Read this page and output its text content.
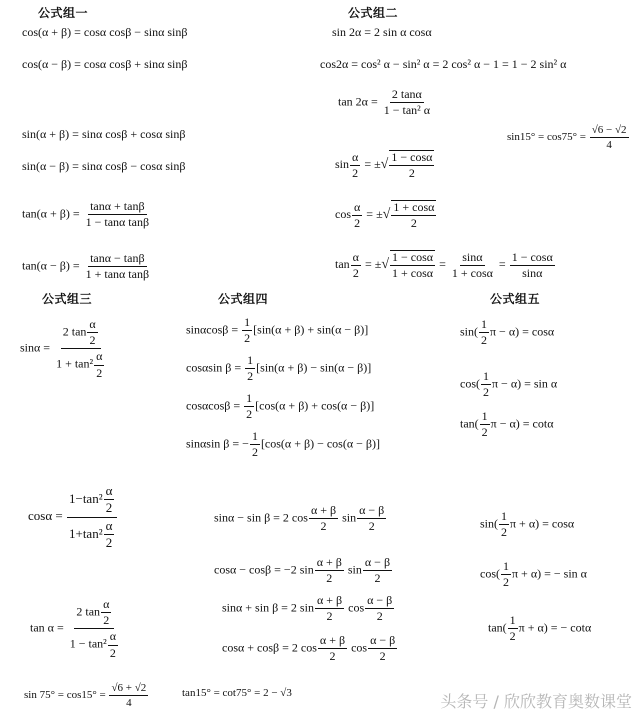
公式组一	公式组二
公式组三	公式组四	公式组五
cos(α + β) = cosα cosβ − sinα sinβ
cos(α − β) = cosα cosβ + sinα sinβ
sin(α + β) = sinα cosβ + cosα sinβ
sin(α − β) = sinα cosβ − cosα sinβ
$\tan(\alpha + \beta) = \frac{\tan\alpha + \tan\beta}{\text{1 − tanα tanβ}}$
$\tan(\alpha - \beta) = \frac{\tan\alpha - \tan\beta}{\text{1 + tanα tanβ}}$
sin 2α = 2 sin α cosα
cos2α = cos² α − sin² α = 2 cos² α − 1 = 1 − 2 sin² α
$\tan 2\alpha = \frac{2 \tan\alpha}{\text{1 − tan² α}}$
$\sin 15^\circ = \cos 75^\circ = \frac{√6 - √2}{4}$
$\sin \frac{\alpha}{2}$ = ±√ $\frac{1 - \cos\alpha}{2}$
$\cos \frac{\alpha}{2}$ = ±√ $\frac{1 + \cos\alpha}{2}$
$\tan \frac{\alpha}{2}$ = ±√ $\frac{1 - \cos\alpha}{1 + \cos\alpha} = \frac{\sin\alpha}{1 + \cos\alpha} = \frac{1 - \cos\alpha}{\sin\alpha}$
$\sin\alpha = \frac{2 \tan \frac{\alpha}{2}}{1 + \tan^2 \frac{\alpha}{2}}$
$\cos\alpha = \frac{1-\tan^2 \frac{\alpha}{2}}{1+\tan^2 \frac{\alpha}{2}}$
$\tan \alpha = \frac{2 \tan \frac{\alpha}{2}}{1 - \tan^2 \frac{\alpha}{2}}$
$\sin\alpha\cos\beta = \frac{1}{2} [\sin(\alpha + \beta) + \sin(\alpha - \beta)]$
cosαsin $\beta = \frac{1}{2} [\sin(\alpha + \beta) - \sin(\alpha - \beta)]$
$\cos\alpha\cos\beta = \frac{1}{2} [\cos(\alpha + \beta) + \cos(\alpha - \beta)]$
sinαsin β = − $\frac{1}{2} [\cos(\alpha + \beta) - \cos(\alpha - \beta)]$
sinα − sin β = 2 $\cos \frac{\alpha + \beta}{2}$ $\sin \frac{\alpha - \beta}{2}$
cosα − cosβ = −2 $\sin \frac{\alpha + \beta}{2}$ $\sin \frac{\alpha - \beta}{2}$
sinα + sin β = 2 $\sin \frac{\alpha + \beta}{2}$ $\cos \frac{\alpha - \beta}{2}$
cosα + cosβ = 2 $\cos \frac{\alpha + \beta}{2}$ $\cos \frac{\alpha - \beta}{2}$
$\sin( \frac{1}{2}$ π − α) = cosα
$\cos( \frac{1}{2}$ π − α) = sin α
$\tan( \frac{1}{2}$ π − α) = cotα
$\sin( \frac{1}{2}$ π + α) = cosα
$\cos( \frac{1}{2}$ π + α) = − sin α
$\tan( \frac{1}{2}$ π + α) = − cotα
$\sin 75^\circ = \cos 15^\circ = \frac{√6 + √2}{4}$	tan15° = cot75° = 2 − √3	头条号 / 欣欣教育奥数课堂
